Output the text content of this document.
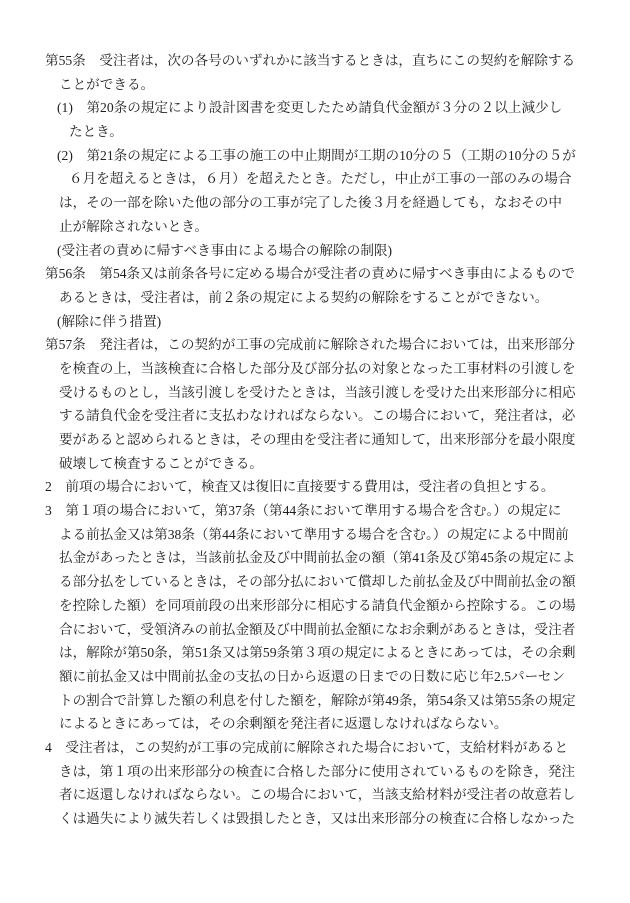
第55条　受注者は，次の各号のいずれかに該当するときは，直ちにこの契約を解除する
ことができる。
(1)　第20条の規定により設計図書を変更したため請負代金額が３分の２以上減少し
たとき。
(2)　第21条の規定による工事の施工の中止期間が工期の10分の５（工期の10分の５が
６月を超えるときは，６月）を超えたとき。ただし，中止が工事の一部のみの場合
は，その一部を除いた他の部分の工事が完了した後３月を経過しても，なおその中
止が解除されないとき。
(受注者の責めに帰すべき事由による場合の解除の制限)
第56条　第54条又は前条各号に定める場合が受注者の責めに帰すべき事由によるもので
あるときは，受注者は，前２条の規定による契約の解除をすることができない。
(解除に伴う措置)
第57条　発注者は，この契約が工事の完成前に解除された場合においては，出来形部分
を検査の上，当該検査に合格した部分及び部分払の対象となった工事材料の引渡しを
受けるものとし，当該引渡しを受けたときは，当該引渡しを受けた出来形部分に相応
する請負代金を受注者に支払わなければならない。この場合において，発注者は，必
要があると認められるときは，その理由を受注者に通知して，出来形部分を最小限度
破壊して検査することができる。
2　前項の場合において，検査又は復旧に直接要する費用は，受注者の負担とする。
3　第１項の場合において，第37条（第44条において準用する場合を含む。）の規定に
よる前払金又は第38条（第44条において準用する場合を含む。）の規定による中間前
払金があったときは，当該前払金及び中間前払金の額（第41条及び第45条の規定によ
る部分払をしているときは，その部分払において償却した前払金及び中間前払金の額
を控除した額）を同項前段の出来形部分に相応する請負代金額から控除する。この場
合において，受領済みの前払金額及び中間前払金額になお余剰があるときは，受注者
は，解除が第50条，第51条又は第59条第３項の規定によるときにあっては，その余剰
額に前払金又は中間前払金の支払の日から返還の日までの日数に応じ年2.5パーセン
トの割合で計算した額の利息を付した額を，解除が第49条，第54条又は第55条の規定
によるときにあっては，その余剰額を発注者に返還しなければならない。
4　受注者は，この契約が工事の完成前に解除された場合において，支給材料があると
きは，第１項の出来形部分の検査に合格した部分に使用されているものを除き，発注
者に返還しなければならない。この場合において，当該支給材料が受注者の故意若し
くは過失により滅失若しくは毀損したとき，又は出来形部分の検査に合格しなかった
